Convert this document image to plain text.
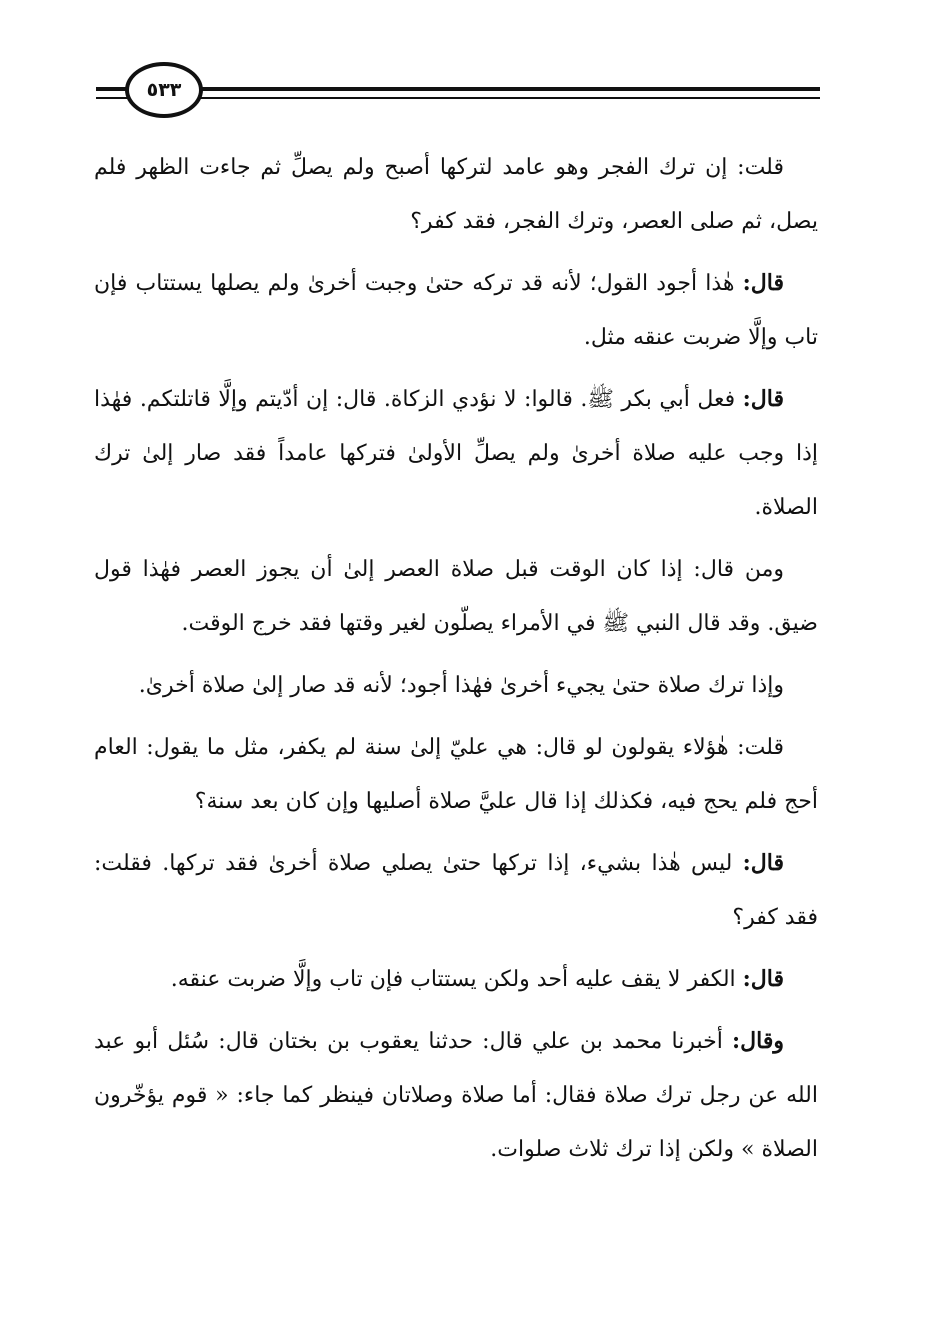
٥٣٣

قلت: إن ترك الفجر وهو عامد لتركها أصبح ولم يصلِّ ثم جاءت الظهر فلم يصل، ثم صلى العصر، وترك الفجر، فقد كفر؟

قال: هٰذا أجود القول؛ لأنه قد تركه حتىٰ وجبت أخرىٰ ولم يصلها يستتاب فإن تاب وإلَّا ضربت عنقه مثل.

قال: فعل أبي بكر ﷺ. قالوا: لا نؤدي الزكاة. قال: إن أدّيتم وإلَّا قاتلتكم. فهٰذا إذا وجب عليه صلاة أخرىٰ ولم يصلِّ الأولىٰ فتركها عامداً فقد صار إلىٰ ترك الصلاة.

ومن قال: إذا كان الوقت قبل صلاة العصر إلىٰ أن يجوز العصر فهٰذا قول ضيق. وقد قال النبي ﷺ في الأمراء يصلّون لغير وقتها فقد خرج الوقت.

وإذا ترك صلاة حتىٰ يجيء أخرىٰ فهٰذا أجود؛ لأنه قد صار إلىٰ صلاة أخرىٰ.

قلت: هٰؤلاء يقولون لو قال: هي عليّ إلىٰ سنة لم يكفر، مثل ما يقول: العام أحج فلم يحج فيه، فكذلك إذا قال عليَّ صلاة أصليها وإن كان بعد سنة؟

قال: ليس هٰذا بشيء، إذا تركها حتىٰ يصلي صلاة أخرىٰ فقد تركها. فقلت: فقد كفر؟

قال: الكفر لا يقف عليه أحد ولكن يستتاب فإن تاب وإلَّا ضربت عنقه.

وقال: أخبرنا محمد بن علي قال: حدثنا يعقوب بن بختان قال: سُئل أبو عبد الله عن رجل ترك صلاة فقال: أما صلاة وصلاتان فينظر كما جاء: « قوم يؤخّرون الصلاة » ولكن إذا ترك ثلاث صلوات.
